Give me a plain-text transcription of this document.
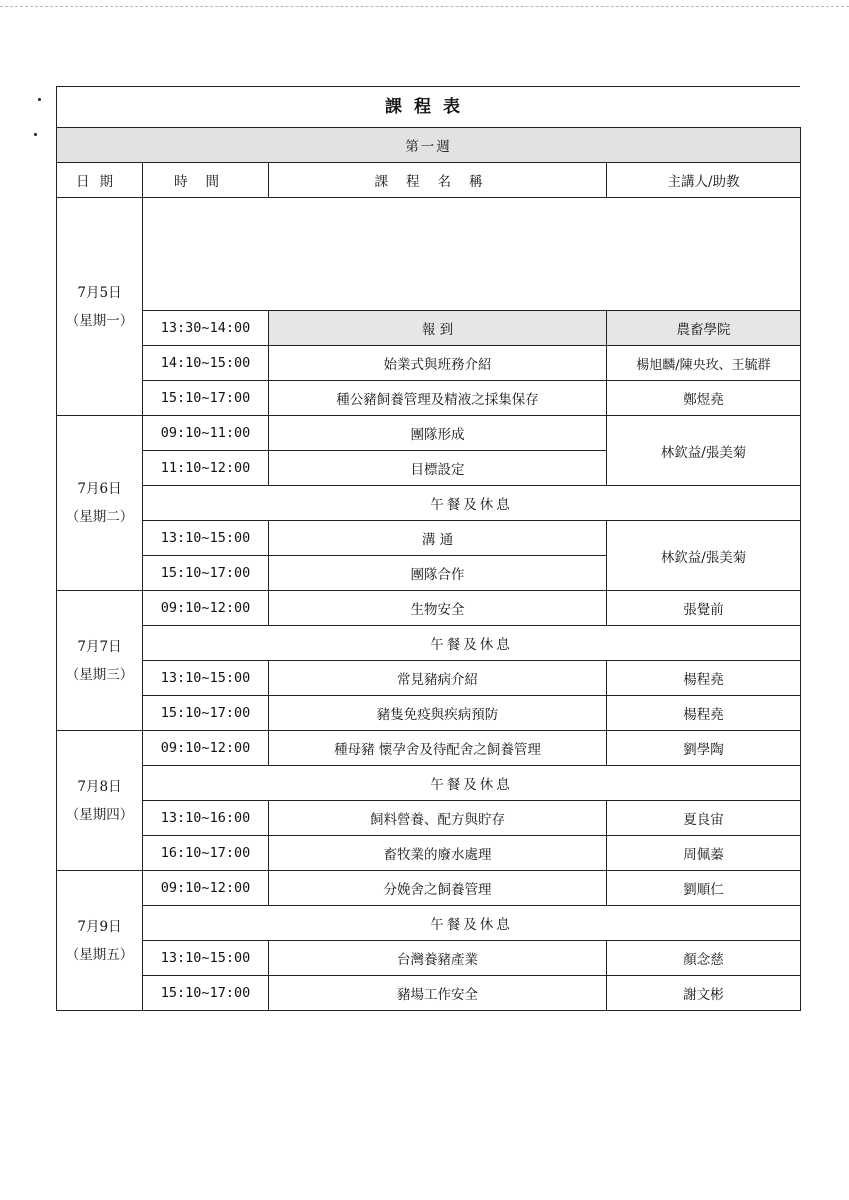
課程表
第一週			
日期	時間	課程名稱	主講人/助教

7月5日
（星期一）			

	13:30~14:00	報 到	農畜學院
	14:10~15:00	始業式與班務介紹	楊旭麟/陳央玫、王毓群
	15:10~17:00	種公豬飼養管理及精液之採集保存	鄭煜堯

7月6日
（星期二）	09:10~11:00	團隊形成	林欽益/張美菊
	11:10~12:00	目標設定	
	午餐及休息		
	13:10~15:00	溝 通	林欽益/張美菊
	15:10~17:00	團隊合作	

7月7日
（星期三）	09:10~12:00	生物安全	張覺前
	午餐及休息		
	13:10~15:00	常見豬病介紹	楊程堯
	15:10~17:00	豬隻免疫與疾病預防	楊程堯

7月8日
（星期四）	09:10~12:00	種母豬 懷孕舍及待配舍之飼養管理	劉學陶
	午餐及休息		
	13:10~16:00	飼料營養、配方與貯存	夏良宙
	16:10~17:00	畜牧業的廢水處理	周佩蓁

7月9日
（星期五）	09:10~12:00	分娩舍之飼養管理	劉順仁
	午餐及休息		
	13:10~15:00	台灣養豬產業	顏念慈
	15:10~17:00	豬場工作安全	謝文彬
